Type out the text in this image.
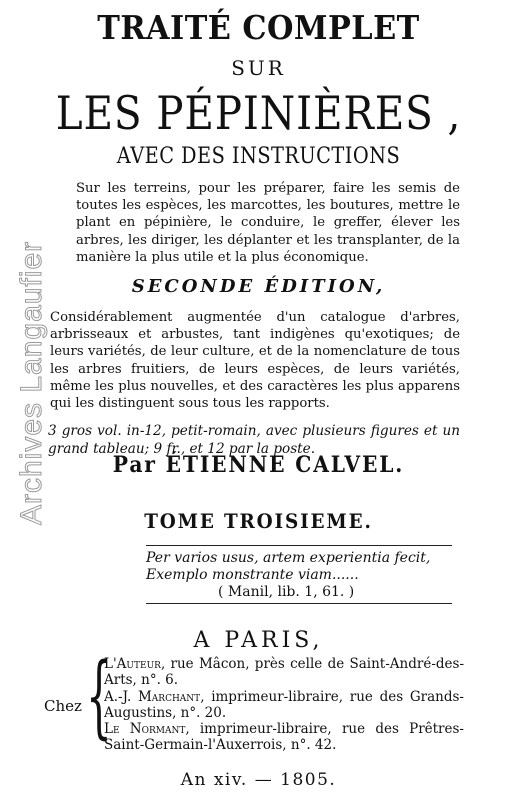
Archives Langaufier
TRAITÉ COMPLET
SUR
LES PÉPINIÈRES ,
AVEC DES INSTRUCTIONS
Sur les terreins, pour les préparer, faire les semis de toutes les espèces, les marcottes, les boutures, mettre le plant en pépinière, le conduire, le greffer, élever les arbres, les diriger, les déplanter et les transplanter, de la manière la plus utile et la plus économique.
SECONDE ÉDITION,
Considérablement augmentée d'un catalogue d'arbres, arbrisseaux et arbustes, tant indigènes qu'exotiques; de leurs variétés, de leur culture, et de la nomenclature de tous les arbres fruitiers, de leurs espèces, de leurs variétés, même les plus nouvelles, et des caractères les plus apparens qui les distinguent sous tous les rapports.
3 gros vol. in-12, petit-romain, avec plusieurs figures et un grand tableau; 9 fr., et 12 par la poste.
Par ÉTIENNE CALVEL.
TOME TROISIEME.
Per varios usus, artem experientia fecit,
Exemplo monstrante viam......
( Manil, lib. 1, 61. )
A PARIS,
Chez {

L'Auteur, rue Mâcon, près celle de Saint-André-des-Arts, n°. 6.

A.-J. Marchant, imprimeur-libraire, rue des Grands-Augustins, n°. 20.

Le Normant, imprimeur-libraire, rue des Prêtres-Saint-Germain-l'Auxerrois, n°. 42.

An xiv. — 1805.
